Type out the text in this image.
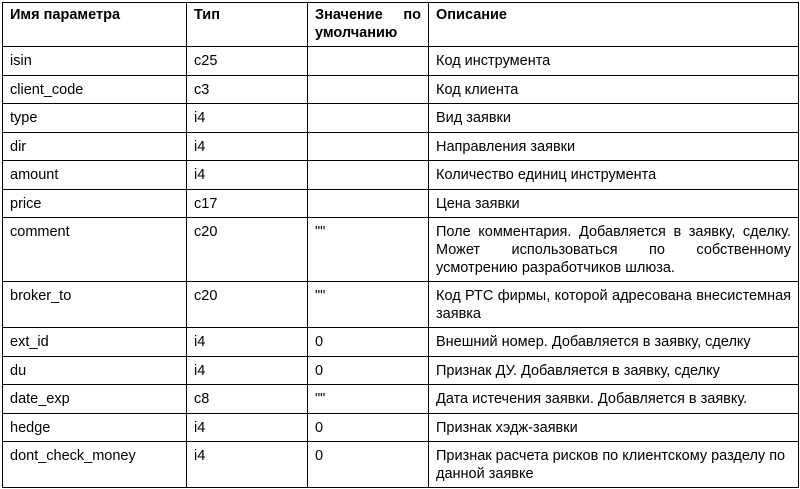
Имя параметра	Тип	Значение по умолчанию	Описание
isin	c25		Код инструмента
client_code	c3		Код клиента
type	i4		Вид заявки
dir	i4		Направления заявки
amount	i4		Количество единиц инструмента
price	c17		Цена заявки
comment	c20	""	Поле комментария. Добавляется в заявку, сделку. Может использоваться по собственному усмотрению разработчиков шлюза.
broker_to	c20	""	Код РТС фирмы, которой адресована внесистемная заявка
ext_id	i4	0	Внешний номер. Добавляется в заявку, сделку
du	i4	0	Признак ДУ. Добавляется в заявку, сделку
date_exp	c8	""	Дата истечения заявки. Добавляется в заявку.
hedge	i4	0	Признак хэдж-заявки
dont_check_money	i4	0	Признак расчета рисков по клиентскому разделу по данной заявке
